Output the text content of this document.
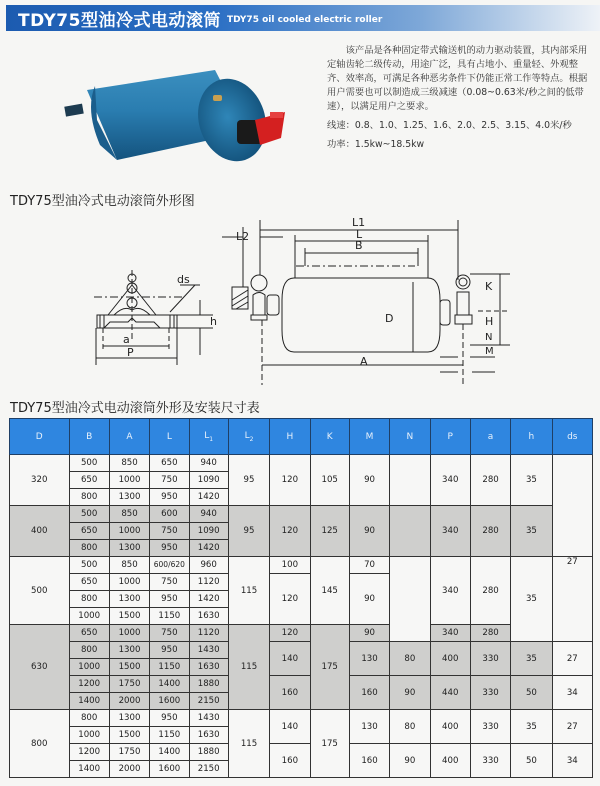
TDY75型油冷式电动滚筒 TDY75 oil cooled electric roller

该产品是各种固定带式输送机的动力驱动装置，其内部采用定轴齿轮二级传动，用途广泛，具有占地小、重量轻、外观整齐、效率高，可满足各种恶劣条件下仍能正常工作等特点。根据用户需要也可以制造成三级减速（0.08~0.63米/秒之间的低带速），以满足用户之要求。

线速：0.8、1.0、1.25、1.6、2.0、2.5、3.15、4.0米/秒

功率：1.5kw~18.5kw

TDY75型油冷式电动滚筒外形图
a
P
ds
h
L1
L2	L
B
D
A
K
H
N
M
TDY75型油冷式电动滚筒外形及安装尺寸表
D	B	A	L	$L_1$	$L_2$	H	K	M	N	P	a	h	ds
320	500	850	650	940	95	120	105	90		340	280	35	
	650	1000	750	1090									
	800	1300	950	1420									
400	500	850	600	940	95	120	125	90		340	280	35	
	650	1000	750	1090									
	800	1300	950	1420									
500	500	850	600/620	960	115	100	145	70		340	280	35	27
	650	1000	750	1120		120		90					
	800	1300	950	1420									
	1000	1500	1150	1630									
630	650	1000	750	1120	115	120	175	90		340	280		
	800	1300	950	1430		140		130	80	400	330	35	27
	1000	1500	1150	1630									
	1200	1750	1400	1880		160		160	90	440	330	50	34
	1400	2000	1600	2150									
800	800	1300	950	1430	115	140	175	130	80	400	330	35	27
	1000	1500	1150	1630									
	1200	1750	1400	1880		160		160	90	400	330	50	34
	1400	2000	1600	2150									
